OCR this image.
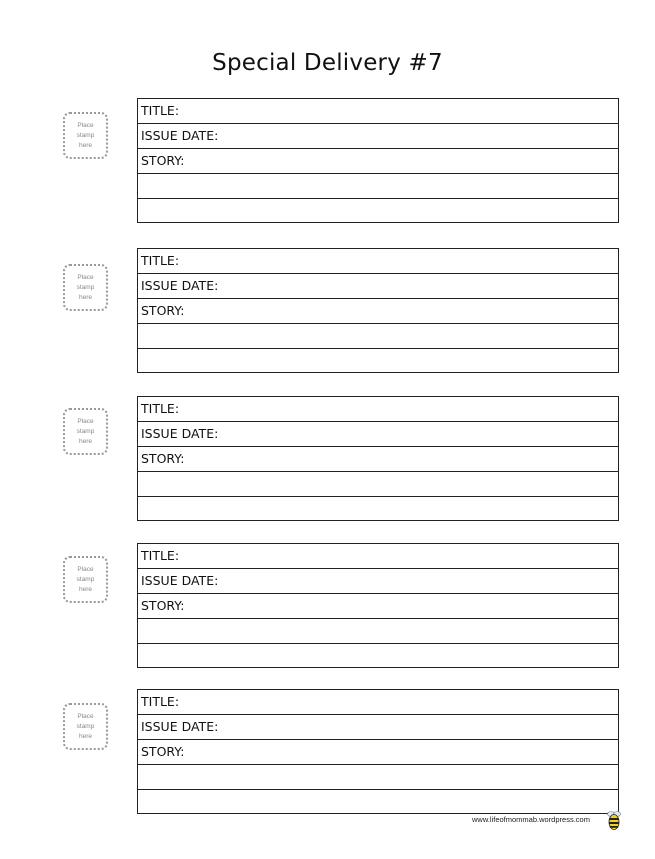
Special Delivery #7
Place
stamp
here
TITLE:
ISSUE DATE:
STORY:
Place
stamp
here
TITLE:
ISSUE DATE:
STORY:
Place
stamp
here
TITLE:
ISSUE DATE:
STORY:
Place
stamp
here
TITLE:
ISSUE DATE:
STORY:
Place
stamp
here
TITLE:
ISSUE DATE:
STORY:
www.lifeofmommab.wordpress.com
